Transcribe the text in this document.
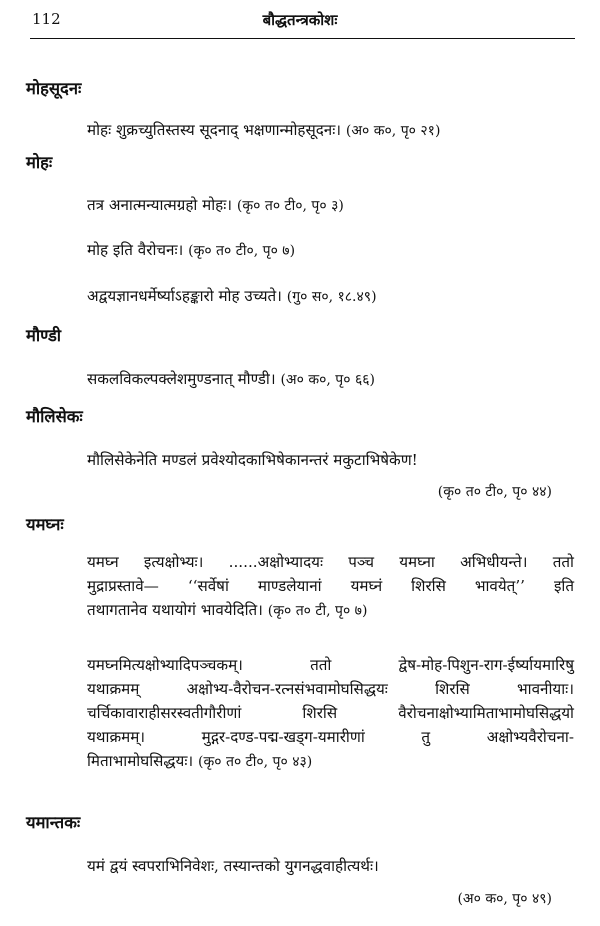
112	बौद्धतन्त्रकोशः
मोहसूदनः
मोहः शुक्रच्युतिस्तस्य सूदनाद् भक्षणान्मोहसूदनः। (अ० क०, पृ० २१)
मोहः
तत्र अनात्मन्यात्मग्रहो मोहः। (कृ० त० टी०, पृ० ३)
मोह इति वैरोचनः। (कृ० त० टी०, पृ० ७)
अद्वयज्ञानधर्मेर्ष्याऽहङ्कारो मोह उच्यते। (गु० स०, १८.४९)
मौण्डी
सकलविकल्पक्लेशमुण्डनात् मौण्डी। (अ० क०, पृ० ६६)
मौलिसेकः
मौलिसेकेनेति मण्डलं प्रवेश्योदकाभिषेकानन्तरं मकुटाभिषेकेण!
(कृ० त० टी०, पृ० ४४)
यमघ्नः
यमघ्न इत्यक्षोभ्यः। ......अक्षोभ्यादयः पञ्च यमघ्ना अभिधीयन्ते। ततो
मुद्राप्रस्तावे— ‘‘सर्वेषां माण्डलेयानां यमघ्नं शिरसि भावयेत्’’ इति
तथागतानेव यथायोगं भावयेदिति। (कृ० त० टी, पृ० ७)
यमघ्नमित्यक्षोभ्यादिपञ्चकम्। ततो द्वेष-मोह-पिशुन-राग-ईर्ष्यायमारिषु
यथाक्रमम् अक्षोभ्य-वैरोचन-रत्नसंभवामोघसिद्धयः शिरसि भावनीयाः।
चर्चिकावाराहीसरस्वतीगौरीणां शिरसि वैरोचनाक्षोभ्यामिताभामोघसिद्धयो
यथाक्रमम्। मुद्गर-दण्ड-पद्म-खड्ग-यमारीणां तु अक्षोभ्यवैरोचना-
मिताभामोघसिद्धयः। (कृ० त० टी०, पृ० ४३)
यमान्तकः
यमं द्वयं स्वपराभिनिवेशः, तस्यान्तको युगनद्धवाहीत्यर्थः।
(अ० क०, पृ० ४९)
